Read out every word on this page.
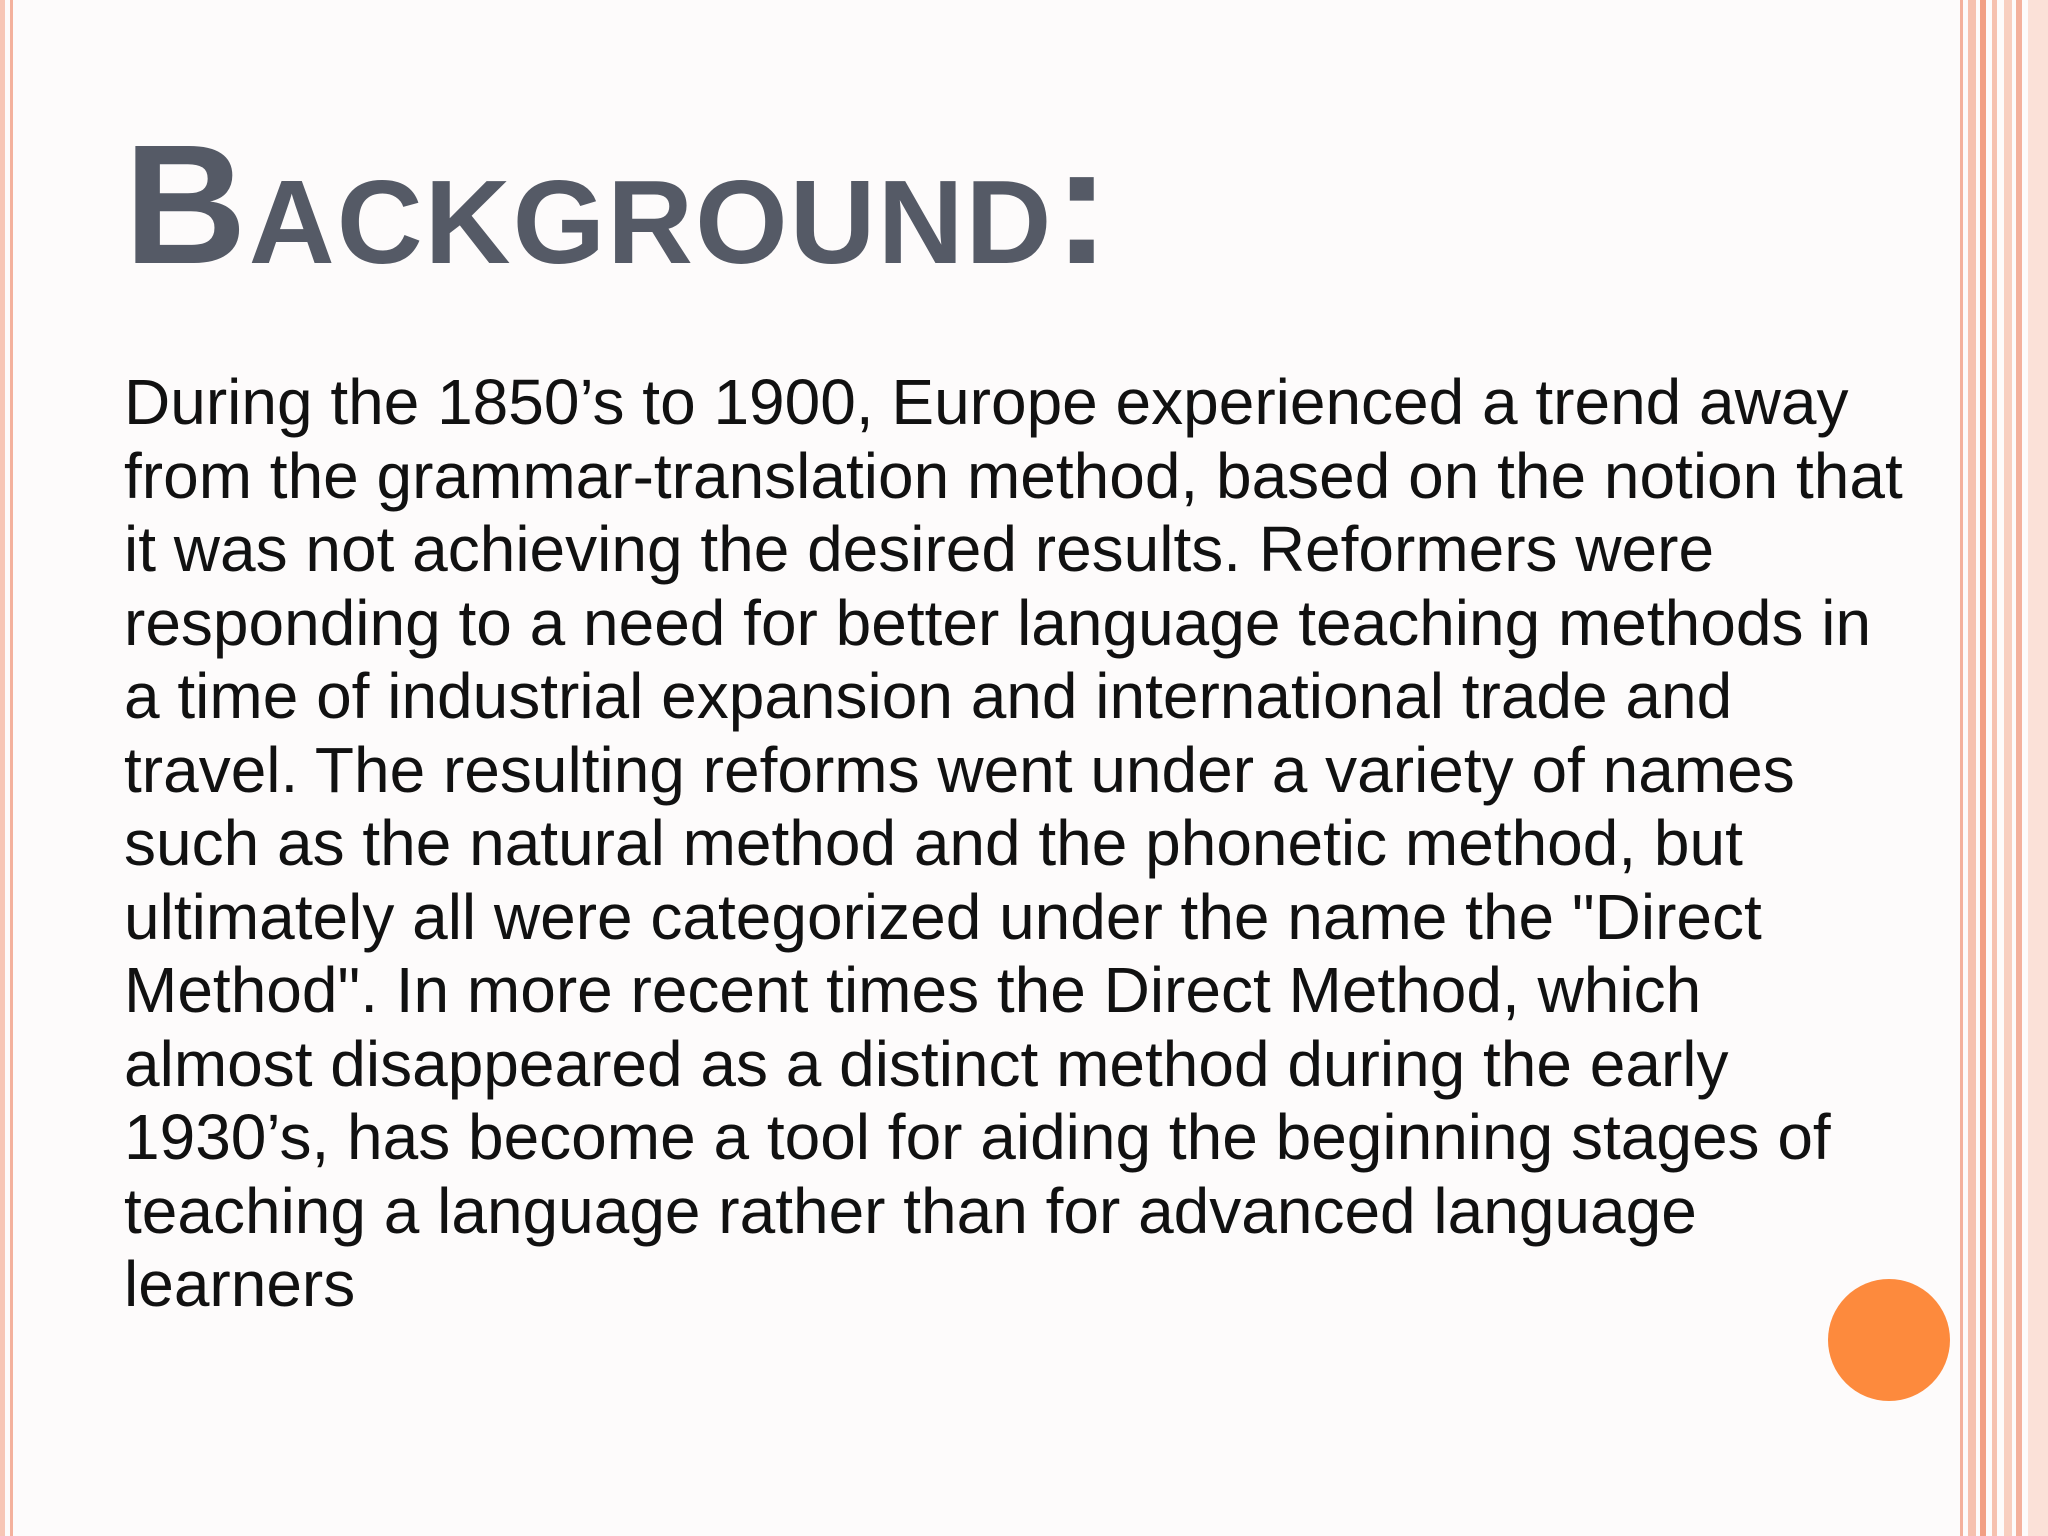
Background:

During the 1850’s to 1900, Europe experienced a trend away from the grammar-translation method, based on the notion that it was not achieving the desired results. Reformers were responding to a need for better language teaching methods in a time of industrial expansion and international trade and travel. The resulting reforms went under a variety of names such as the natural method and the phonetic method, but ultimately all were categorized under the name the "Direct Method". In more recent times the Direct Method, which almost disappeared as a distinct method during the early 1930’s, has become a tool for aiding the beginning stages of teaching a language rather than for advanced language learners
